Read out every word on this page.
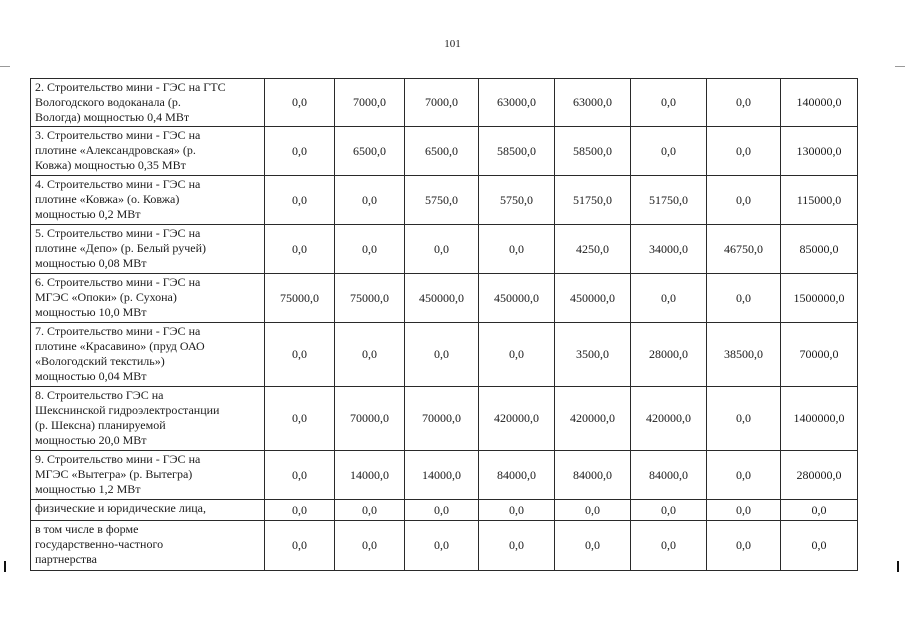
101
2. Строительство мини - ГЭС на ГТС
Вологодского водоканала (р.
Вологда) мощностью 0,4 МВт	0,0	7000,0	7000,0	63000,0	63000,0	0,0	0,0	140000,0

3. Строительство мини - ГЭС на
плотине «Александровская» (р.
Ковжа) мощностью 0,35 МВт	0,0	6500,0	6500,0	58500,0	58500,0	0,0	0,0	130000,0

4. Строительство мини - ГЭС на
плотине «Ковжа» (о. Ковжа)
мощностью 0,2 МВт	0,0	0,0	5750,0	5750,0	51750,0	51750,0	0,0	115000,0

5. Строительство мини - ГЭС на
плотине «Депо» (р. Белый ручей)
мощностью 0,08 МВт	0,0	0,0	0,0	0,0	4250,0	34000,0	46750,0	85000,0

6. Строительство мини - ГЭС на
МГЭС «Опоки» (р. Сухона)
мощностью 10,0 МВт	75000,0	75000,0	450000,0	450000,0	450000,0	0,0	0,0	1500000,0

7. Строительство мини - ГЭС на
плотине «Красавино» (пруд ОАО
«Вологодский текстиль»)
мощностью 0,04 МВт	0,0	0,0	0,0	0,0	3500,0	28000,0	38500,0	70000,0

8. Строительство ГЭС на
Шекснинской гидроэлектростанции
(р. Шексна) планируемой
мощностью 20,0 МВт	0,0	70000,0	70000,0	420000,0	420000,0	420000,0	0,0	1400000,0

9. Строительство мини - ГЭС на
МГЭС «Вытегра» (р. Вытегра)
мощностью 1,2 МВт	0,0	14000,0	14000,0	84000,0	84000,0	84000,0	0,0	280000,0

физические и юридические лица,	0,0	0,0	0,0	0,0	0,0	0,0	0,0	0,0

в том числе в форме
государственно-частного
партнерства	0,0	0,0	0,0	0,0	0,0	0,0	0,0	0,0
